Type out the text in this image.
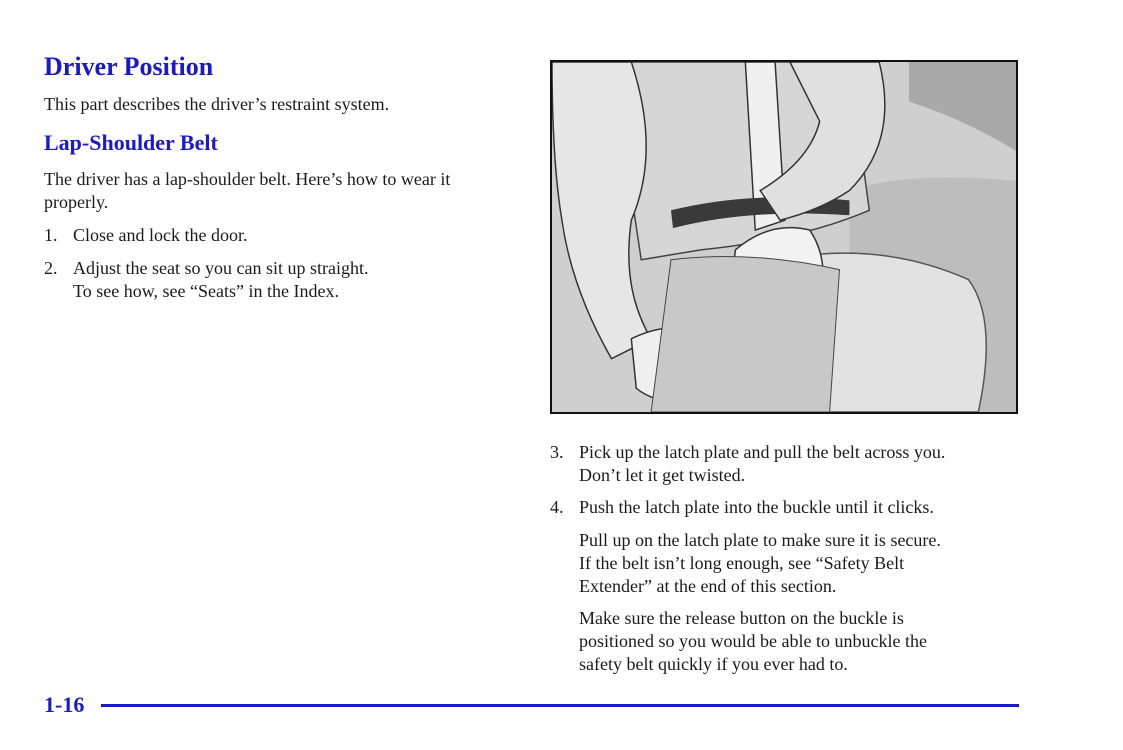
Driver Position

This part describes the driver’s restraint system.

Lap-Shoulder Belt

The driver has a lap-shoulder belt. Here’s how to wear it properly.

1. Close and lock the door.
2. Adjust the seat so you can sit up straight.
To see how, see “Seats” in the Index.
3. Pick up the latch plate and pull the belt across you.
Don’t let it get twisted.
4. Push the latch plate into the buckle until it clicks.

Pull up on the latch plate to make sure it is secure.
If the belt isn’t long enough, see “Safety Belt
Extender” at the end of this section.

Make sure the release button on the buckle is
positioned so you would be able to unbuckle the
safety belt quickly if you ever had to.

1-16
